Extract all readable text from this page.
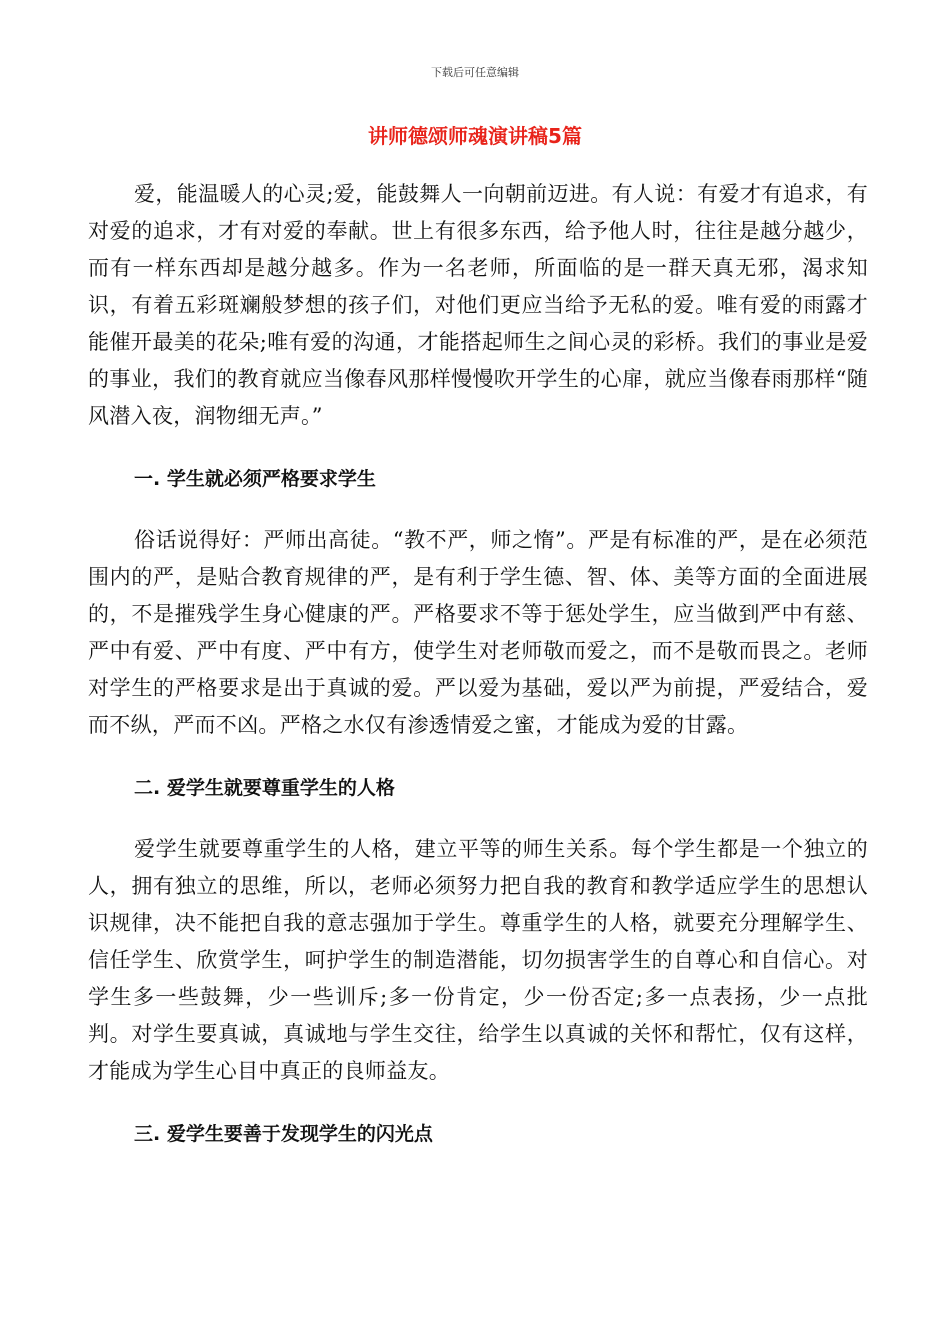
下载后可任意编辑
讲师德颂师魂演讲稿5篇

爱，能温暖人的心灵;爱，能鼓舞人一向朝前迈进。有人说：有爱才有追求，有对爱的追求，才有对爱的奉献。世上有很多东西，给予他人时，往往是越分越少，而有一样东西却是越分越多。作为一名老师，所面临的是一群天真无邪，渴求知识，有着五彩斑斓般梦想的孩子们，对他们更应当给予无私的爱。唯有爱的雨露才能催开最美的花朵;唯有爱的沟通，才能搭起师生之间心灵的彩桥。我们的事业是爱的事业，我们的教育就应当像春风那样慢慢吹开学生的心扉，就应当像春雨那样“随风潜入夜，润物细无声。”

一. 学生就必须严格要求学生

俗话说得好：严师出高徒。“教不严，师之惰”。严是有标准的严，是在必须范围内的严，是贴合教育规律的严，是有利于学生德、智、体、美等方面的全面进展的，不是摧残学生身心健康的严。严格要求不等于惩处学生，应当做到严中有慈、严中有爱、严中有度、严中有方，使学生对老师敬而爱之，而不是敬而畏之。老师对学生的严格要求是出于真诚的爱。严以爱为基础，爱以严为前提，严爱结合，爱而不纵，严而不凶。严格之水仅有渗透情爱之蜜，才能成为爱的甘露。

二. 爱学生就要尊重学生的人格

爱学生就要尊重学生的人格，建立平等的师生关系。每个学生都是一个独立的人，拥有独立的思维，所以，老师必须努力把自我的教育和教学适应学生的思想认识规律，决不能把自我的意志强加于学生。尊重学生的人格，就要充分理解学生、信任学生、欣赏学生，呵护学生的制造潜能，切勿损害学生的自尊心和自信心。对学生多一些鼓舞，少一些训斥;多一份肯定，少一份否定;多一点表扬，少一点批判。对学生要真诚，真诚地与学生交往，给学生以真诚的关怀和帮忙，仅有这样，才能成为学生心目中真正的良师益友。

三. 爱学生要善于发现学生的闪光点
